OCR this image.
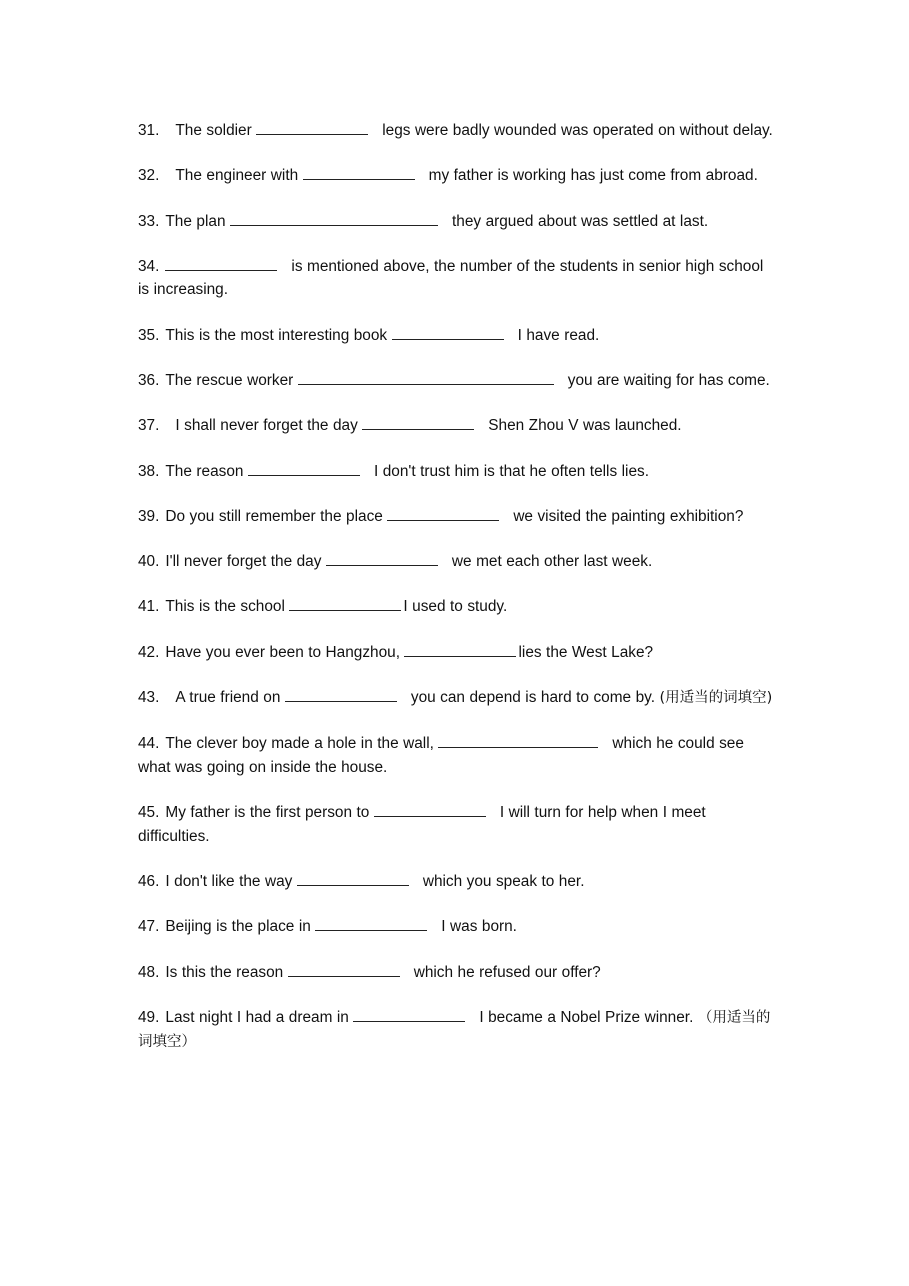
31. The soldier	legs were badly wounded was operated on without delay.
32. The engineer with	my father is working has just come from abroad.
33. The plan	they argued about was settled at last.
34.	is mentioned above, the number of the students in senior high school is increasing.
35. This is the most interesting book	I have read.
36. The rescue worker	you are waiting for has come.
37. I shall never forget the day	Shen Zhou V was launched.
38. The reason	I don't trust him is that he often tells lies.
39. Do you still remember the place	we visited the painting exhibition?
40. I'll never forget the day	we met each other last week.
41. This is the school	I used to study.
42. Have you ever been to Hangzhou,	lies the West Lake?
43. A true friend on	you can depend is hard to come by. (用适当的词填空)
44. The clever boy made a hole in the wall,	which he could see what was going on inside the house.
45. My father is the first person to	I will turn for help when I meet difficulties.
46. I don't like the way	which you speak to her.
47. Beijing is the place in	I was born.
48. Is this the reason	which he refused our offer?
49. Last night I had a dream in	I became a Nobel Prize winner. （用适当的词填空）
